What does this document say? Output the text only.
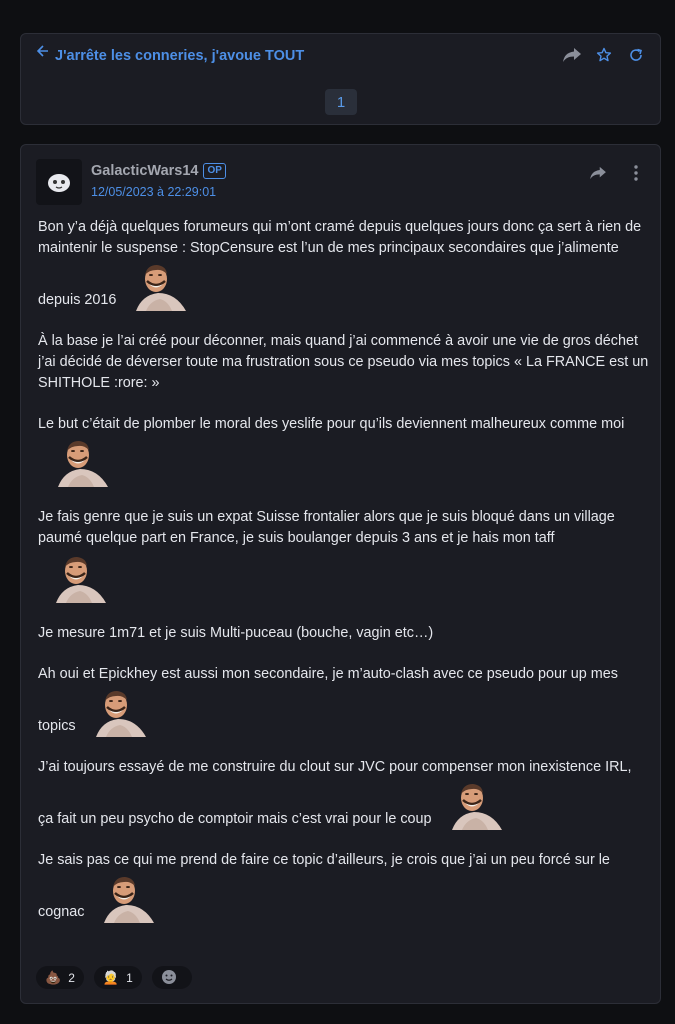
J'arrête les conneries, j'avoue TOUT
1
GalacticWars14 OP
12/05/2023 à 22:29:01

Bon y’a déjà quelques forumeurs qui m’ont cramé depuis quelques jours donc ça sert à rien de maintenir le suspense : StopCensure est l’un de mes principaux secondaires que j’alimente depuis 2016

À la base je l’ai créé pour déconner, mais quand j’ai commencé à avoir une vie de gros déchet j’ai décidé de déverser toute ma frustration sous ce pseudo via mes topics « La FRANCE est un SHITHOLE :rore: »

Le but c’était de plomber le moral des yeslife pour qu’ils deviennent malheureux comme moi

Je fais genre que je suis un expat Suisse frontalier alors que je suis bloqué dans un village paumé quelque part en France, je suis boulanger depuis 3 ans et je hais mon taff

Je mesure 1m71 et je suis Multi-puceau (bouche, vagin etc…)

Ah oui et Epickhey est aussi mon secondaire, je m’auto-clash avec ce pseudo pour up mes topics

J’ai toujours essayé de me construire du clout sur JVC pour compenser mon inexistence IRL, ça fait un peu psycho de comptoir mais c’est vrai pour le coup

Je sais pas ce qui me prend de faire ce topic d’ailleurs, je crois que j’ai un peu forcé sur le cognac

💩 2 🧑‍🦳 1
